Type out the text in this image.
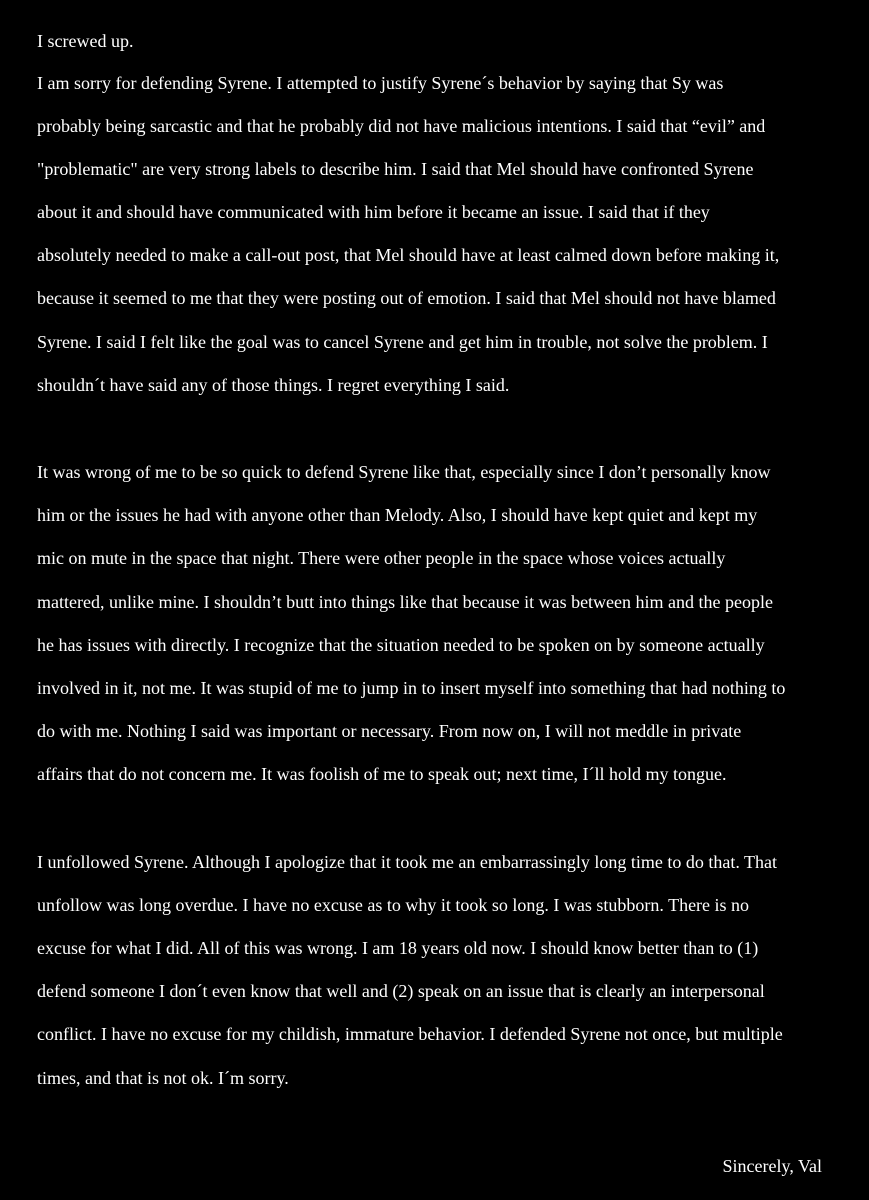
I screwed up.
I am sorry for defending Syrene. I attempted to justify Syrene´s behavior by saying that Sy was
probably being sarcastic and that he probably did not have malicious intentions. I said that “evil” and
"problematic" are very strong labels to describe him. I said that Mel should have confronted Syrene
about it and should have communicated with him before it became an issue. I said that if they
absolutely needed to make a call-out post, that Mel should have at least calmed down before making it,
because it seemed to me that they were posting out of emotion. I said that Mel should not have blamed
Syrene. I said I felt like the goal was to cancel Syrene and get him in trouble, not solve the problem. I
shouldn´t have said any of those things. I regret everything I said.
It was wrong of me to be so quick to defend Syrene like that, especially since I don’t personally know
him or the issues he had with anyone other than Melody. Also, I should have kept quiet and kept my
mic on mute in the space that night. There were other people in the space whose voices actually
mattered, unlike mine. I shouldn’t butt into things like that because it was between him and the people
he has issues with directly. I recognize that the situation needed to be spoken on by someone actually
involved in it, not me. It was stupid of me to jump in to insert myself into something that had nothing to
do with me. Nothing I said was important or necessary. From now on, I will not meddle in private
affairs that do not concern me. It was foolish of me to speak out; next time, I´ll hold my tongue.
I unfollowed Syrene. Although I apologize that it took me an embarrassingly long time to do that. That
unfollow was long overdue. I have no excuse as to why it took so long. I was stubborn. There is no
excuse for what I did. All of this was wrong. I am 18 years old now. I should know better than to (1)
defend someone I don´t even know that well and (2) speak on an issue that is clearly an interpersonal
conflict. I have no excuse for my childish, immature behavior. I defended Syrene not once, but multiple
times, and that is not ok. I´m sorry.
Sincerely, Val
